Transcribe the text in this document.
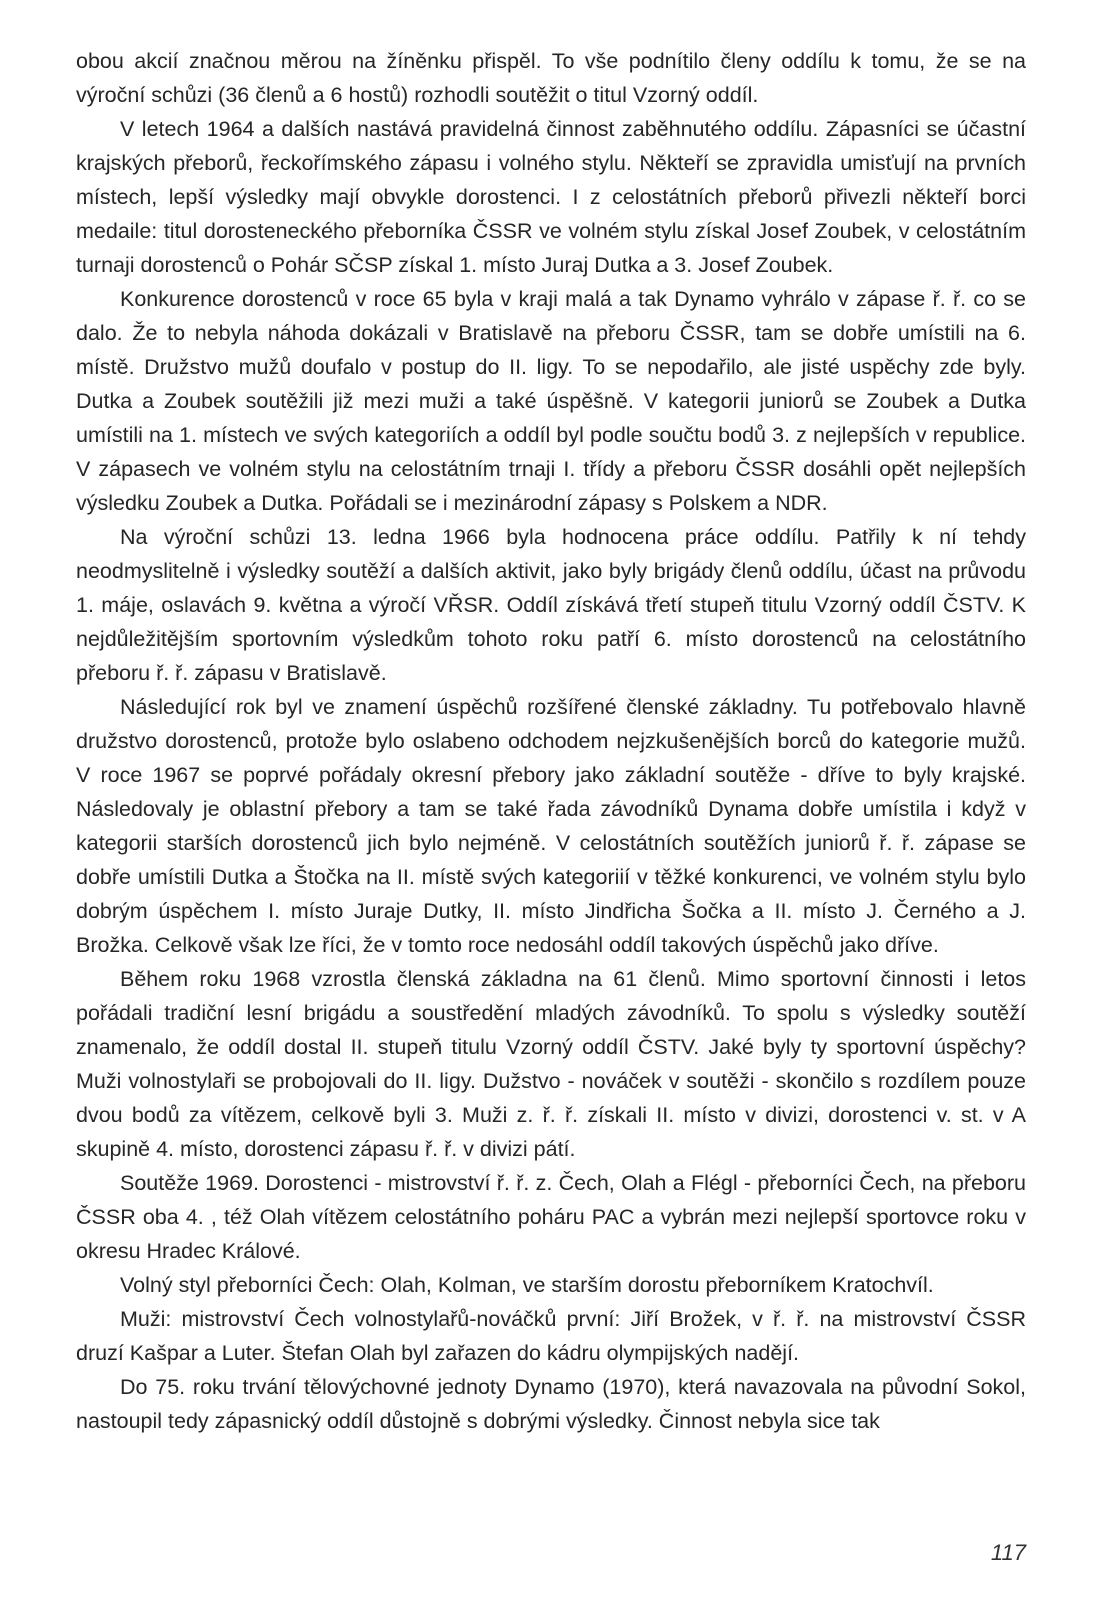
obou akcií značnou měrou na žíněnku přispěl. To vše podnítilo členy oddílu k tomu, že se na výroční schůzi (36 členů a 6 hostů) rozhodli soutěžit o titul Vzorný oddíl.

V letech 1964 a dalších nastává pravidelná činnost zaběhnutého oddílu. Zápasníci se účastní krajských přeborů, řeckořímského zápasu i volného stylu. Někteří se zpravidla umisťují na prvních místech, lepší výsledky mají obvykle dorostenci. I z celostátních přeborů přivezli někteří borci medaile: titul dorosteneckého přeborníka ČSSR ve volném stylu získal Josef Zoubek, v celostátním turnaji dorostenců o Pohár SČSP získal 1. místo Juraj Dutka a 3. Josef Zoubek.

Konkurence dorostenců v roce 65 byla v kraji malá a tak Dynamo vyhrálo v zápase ř. ř. co se dalo. Že to nebyla náhoda dokázali v Bratislavě na přeboru ČSSR, tam se dobře umístili na 6. místě. Družstvo mužů doufalo v postup do II. ligy. To se nepodařilo, ale jisté uspěchy zde byly. Dutka a Zoubek soutěžili již mezi muži a také úspěšně. V kategorii juniorů se Zoubek a Dutka umístili na 1. místech ve svých kategoriích a oddíl byl podle součtu bodů 3. z nejlepších v republice. V zápasech ve volném stylu na celostátním trnaji I. třídy a přeboru ČSSR dosáhli opět nejlepších výsledku Zoubek a Dutka. Pořádali se i mezinárodní zápasy s Polskem a NDR.

Na výroční schůzi 13. ledna 1966 byla hodnocena práce oddílu. Patřily k ní tehdy neodmyslitelně i výsledky soutěží a dalších aktivit, jako byly brigády členů oddílu, účast na průvodu 1. máje, oslavách 9. května a výročí VŘSR. Oddíl získává třetí stupeň titulu Vzorný oddíl ČSTV. K nejdůležitějším sportovním výsledkům tohoto roku patří 6. místo dorostenců na celostátního přeboru ř. ř. zápasu v Bratislavě.

Následující rok byl ve znamení úspěchů rozšířené členské základny. Tu potřebovalo hlavně družstvo dorostenců, protože bylo oslabeno odchodem nejzkušenějších borců do kategorie mužů. V roce 1967 se poprvé pořádaly okresní přebory jako základní soutěže - dříve to byly krajské. Následovaly je oblastní přebory a tam se také řada závodníků Dynama dobře umístila i když v kategorii starších dorostenců jich bylo nejméně. V celostátních soutěžích juniorů ř. ř. zápase se dobře umístili Dutka a Štočka na II. místě svých kategoriií v těžké konkurenci, ve volném stylu bylo dobrým úspěchem I. místo Juraje Dutky, II. místo Jindřicha Šočka a II. místo J. Černého a J. Brožka. Celkově však lze říci, že v tomto roce nedosáhl oddíl takových úspěchů jako dříve.

Během roku 1968 vzrostla členská základna na 61 členů. Mimo sportovní činnosti i letos pořádali tradiční lesní brigádu a soustředění mladých závodníků. To spolu s výsledky soutěží znamenalo, že oddíl dostal II. stupeň titulu Vzorný oddíl ČSTV. Jaké byly ty sportovní úspěchy? Muži volnostylaři se probojovali do II. ligy. Dužstvo - nováček v soutěži - skončilo s rozdílem pouze dvou bodů za vítězem, celkově byli 3. Muži z. ř. ř. získali II. místo v divizi, dorostenci v. st. v A skupině 4. místo, dorostenci zápasu ř. ř. v divizi pátí.

Soutěže 1969. Dorostenci - mistrovství ř. ř. z. Čech, Olah a Flégl - přeborníci Čech, na přeboru ČSSR oba 4. , též Olah vítězem celostátního poháru PAC a vybrán mezi nejlepší sportovce roku v okresu Hradec Králové.

Volný styl přeborníci Čech: Olah, Kolman, ve starším dorostu přeborníkem Kratochvíl.

Muži: mistrovství Čech volnostylařů-nováčků první: Jiří Brožek, v ř. ř. na mistrovství ČSSR druzí Kašpar a Luter. Štefan Olah byl zařazen do kádru olympijských nadějí.

Do 75. roku trvání tělovýchovné jednoty Dynamo (1970), která navazovala na původní Sokol, nastoupil tedy zápasnický oddíl důstojně s dobrými výsledky. Činnost nebyla sice tak

117
